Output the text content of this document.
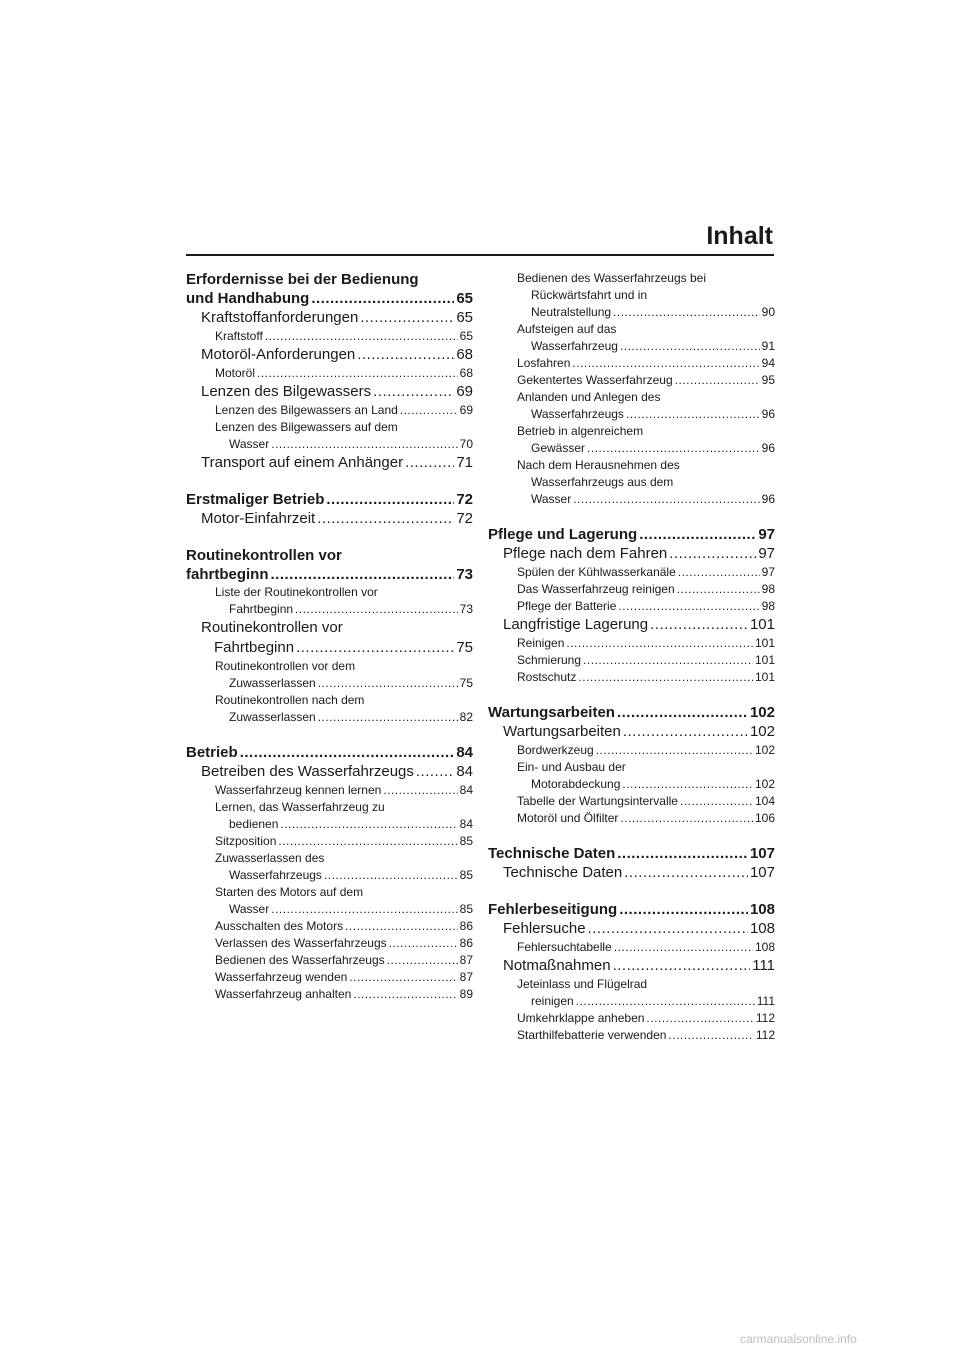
Inhalt
Erfordernisse bei der Bedienung
und Handhabung .....	65
Kraftstoffanforderungen .....	65
Kraftstoff .....	65
Motoröl-Anforderungen .....	68
Motoröl .....	68
Lenzen des Bilgewassers .....	69
Lenzen des Bilgewassers an Land .....	69
Lenzen des Bilgewassers auf dem
Wasser .....	70
Transport auf einem Anhänger .....	71
Erstmaliger Betrieb .....	72
Motor-Einfahrzeit .....	72
Routinekontrollen vor
fahrtbeginn .....	73
Liste der Routinekontrollen vor
Fahrtbeginn .....	73
Routinekontrollen vor
Fahrtbeginn .....	75
Routinekontrollen vor dem
Zuwasserlassen .....	75
Routinekontrollen nach dem
Zuwasserlassen .....	82
Betrieb .....	84
Betreiben des Wasserfahrzeugs .....	84
Wasserfahrzeug kennen lernen .....	84
Lernen, das Wasserfahrzeug zu
bedienen .....	84
Sitzposition .....	85
Zuwasserlassen des
Wasserfahrzeugs .....	85
Starten des Motors auf dem
Wasser .....	85
Ausschalten des Motors .....	86
Verlassen des Wasserfahrzeugs .....	86
Bedienen des Wasserfahrzeugs .....	87
Wasserfahrzeug wenden .....	87
Wasserfahrzeug anhalten .....	89
Bedienen des Wasserfahrzeugs bei
Rückwärtsfahrt und in
Neutralstellung .....	90
Aufsteigen auf das
Wasserfahrzeug .....	91
Losfahren .....	94
Gekentertes Wasserfahrzeug .....	95
Anlanden und Anlegen des
Wasserfahrzeugs .....	96
Betrieb in algenreichem
Gewässer .....	96
Nach dem Herausnehmen des
Wasserfahrzeugs aus dem
Wasser .....	96
Pflege und Lagerung .....	97
Pflege nach dem Fahren .....	97
Spülen der Kühlwasserkanäle .....	97
Das Wasserfahrzeug reinigen .....	98
Pflege der Batterie .....	98
Langfristige Lagerung .....	101
Reinigen .....	101
Schmierung .....	101
Rostschutz .....	101
Wartungsarbeiten .....	102
Wartungsarbeiten .....	102
Bordwerkzeug .....	102
Ein- und Ausbau der
Motorabdeckung .....	102
Tabelle der Wartungsintervalle .....	104
Motoröl und Ölfilter .....	106
Technische Daten .....	107
Technische Daten .....	107
Fehlerbeseitigung .....	108
Fehlersuche .....	108
Fehlersuchtabelle .....	108
Notmaßnahmen .....	111
Jeteinlass und Flügelrad
reinigen .....	111
Umkehrklappe anheben .....	112
Starthilfebatterie verwenden .....	112
carmanualsonline.info
